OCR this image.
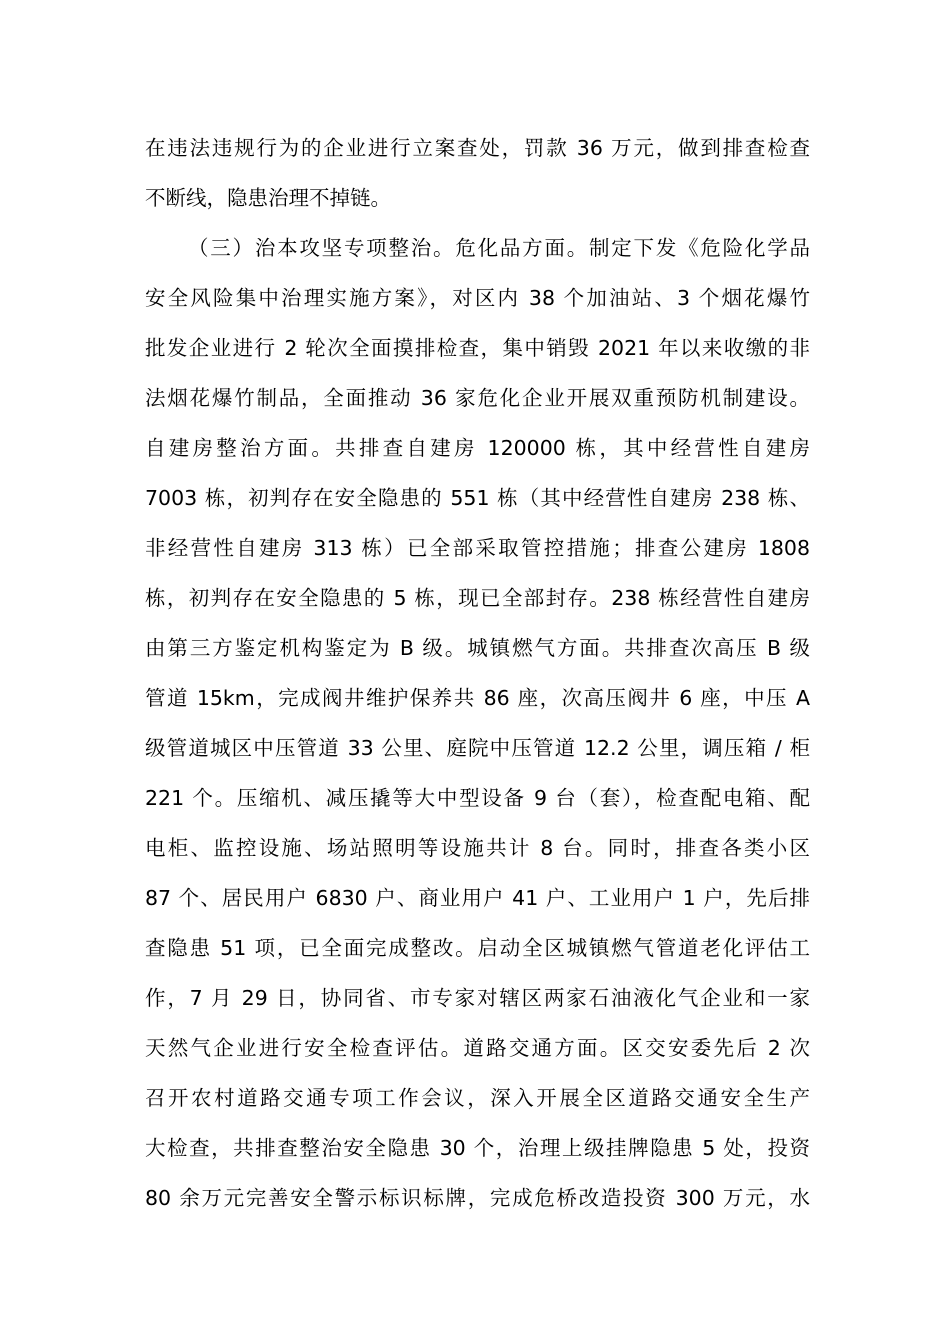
在违法违规行为的企业进行立案查处，罚款 36 万元，做到排查检查
不断线，隐患治理不掉链。
（三）治本攻坚专项整治。危化品方面。制定下发《危险化学品
安全风险集中治理实施方案》，对区内 38 个加油站、3 个烟花爆竹
批发企业进行 2 轮次全面摸排检查，集中销毁 2021 年以来收缴的非
法烟花爆竹制品，全面推动 36 家危化企业开展双重预防机制建设。
自建房整治方面。共排查自建房 120000 栋，其中经营性自建房
7003 栋，初判存在安全隐患的 551 栋（其中经营性自建房 238 栋、
非经营性自建房 313 栋）已全部采取管控措施；排查公建房 1808
栋，初判存在安全隐患的 5 栋，现已全部封存。238 栋经营性自建房
由第三方鉴定机构鉴定为 B 级。城镇燃气方面。共排查次高压 B 级
管道 15km，完成阀井维护保养共 86 座，次高压阀井 6 座，中压 A
级管道城区中压管道 33 公里、庭院中压管道 12.2 公里，调压箱 / 柜
221 个。压缩机、减压撬等大中型设备 9 台（套），检查配电箱、配
电柜、监控设施、场站照明等设施共计 8 台。同时，排查各类小区
87 个、居民用户 6830 户、商业用户 41 户、工业用户 1 户，先后排
查隐患 51 项，已全面完成整改。启动全区城镇燃气管道老化评估工
作，7 月 29 日，协同省、市专家对辖区两家石油液化气企业和一家
天然气企业进行安全检查评估。道路交通方面。区交安委先后 2 次
召开农村道路交通专项工作会议，深入开展全区道路交通安全生产
大检查，共排查整治安全隐患 30 个，治理上级挂牌隐患 5 处，投资
80 余万元完善安全警示标识标牌，完成危桥改造投资 300 万元，水
